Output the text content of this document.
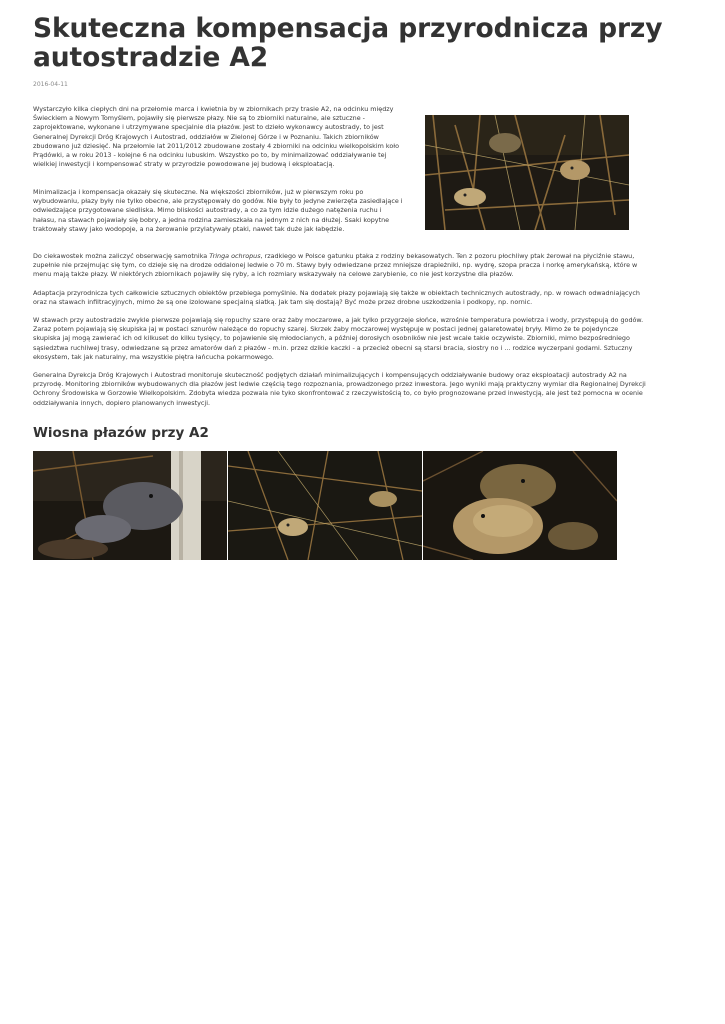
Skuteczna kompensacja przyrodnicza przy autostradzie A2
2016-04-11

Wystarczyło kilka ciepłych dni na przełomie marca i kwietnia by w zbiornikach przy trasie A2, na odcinku między Świeckiem a Nowym Tomyślem, pojawiły się pierwsze płazy. Nie są to zbiorniki naturalne, ale sztuczne - zaprojektowane, wykonane i utrzymywane specjalnie dla płazów. Jest to dzieło wykonawcy autostrady, to jest Generalnej Dyrekcji Dróg Krajowych i Autostrad, oddziałów w Zielonej Górze i w Poznaniu. Takich zbiorników zbudowano już dziesięć. Na przełomie lat 2011/2012 zbudowane zostały 4 zbiorniki na odcinku wielkopolskim koło Prądówki, a w roku 2013 - kolejne 6 na odcinku lubuskim. Wszystko po to, by minimalizować oddziaływanie tej wielkiej inwestycji i kompensować straty w przyrodzie powodowane jej budową i eksploatacją.

Minimalizacja i kompensacja okazały się skuteczne. Na większości zbiorników, już w pierwszym roku po wybudowaniu, płazy były nie tylko obecne, ale przystępowały do godów. Nie były to jedyne zwierzęta zasiedlające i odwiedzające przygotowane siedliska. Mimo bliskości autostrady, a co za tym idzie dużego natężenia ruchu i hałasu, na stawach pojawiały się bobry, a jedna rodzina zamieszkała na jednym z nich na dłużej. Ssaki kopytne traktowały stawy jako wodopoje, a na żerowanie przylatywały ptaki, nawet tak duże jak łabędzie.

Do ciekawostek można zaliczyć obserwację samotnika Tringa ochropus, rzadkiego w Polsce gatunku ptaka z rodziny bekasowatych. Ten z pozoru płochliwy ptak żerował na płyciźnie stawu, zupełnie nie przejmując się tym, co dzieje się na drodze oddalonej ledwie o 70 m. Stawy były odwiedzane przez mniejsze drapieżniki, np. wydrę, szopa pracza i norkę amerykańską, które w menu mają także płazy. W niektórych zbiornikach pojawiły się ryby, a ich rozmiary wskazywały na celowe zarybienie, co nie jest korzystne dla płazów.

Adaptacja przyrodnicza tych całkowicie sztucznych obiektów przebiega pomyślnie. Na dodatek płazy pojawiają się także w obiektach technicznych autostrady, np. w rowach odwadniających oraz na stawach infiltracyjnych, mimo że są one izolowane specjalną siatką. Jak tam się dostają? Być może przez drobne uszkodzenia i podkopy, np. nornic.

W stawach przy autostradzie zwykle pierwsze pojawiają się ropuchy szare oraz żaby moczarowe, a jak tylko przygrzeje słońce, wzrośnie temperatura powietrza i wody, przystępują do godów. Zaraz potem pojawiają się skupiska jaj w postaci sznurów należące do ropuchy szarej. Skrzek żaby moczarowej występuje w postaci jednej galaretowatej bryły. Mimo że te pojedyncze skupiska jaj mogą zawierać ich od kilkuset do kilku tysięcy, to pojawienie się młodocianych, a później dorosłych osobników nie jest wcale takie oczywiste. Zbiorniki, mimo bezpośredniego sąsiedztwa ruchliwej trasy, odwiedzane są przez amatorów dań z płazów - m.in. przez dzikie kaczki - a przecież obecni są starsi bracia, siostry no i ... rodzice wyczerpani godami. Sztuczny ekosystem, tak jak naturalny, ma wszystkie piętra łańcucha pokarmowego.

Generalna Dyrekcja Dróg Krajowych i Autostrad monitoruje skuteczność podjętych działań minimalizujących i kompensujących oddziaływanie budowy oraz eksploatacji autostrady A2 na przyrodę. Monitoring zbiorników wybudowanych dla płazów jest ledwie częścią tego rozpoznania, prowadzonego przez inwestora. Jego wyniki mają praktyczny wymiar dla Regionalnej Dyrekcji Ochrony Środowiska w Gorzowie Wielkopolskim. Zdobyta wiedza pozwala nie tyko skonfrontować z rzeczywistością to, co było prognozowane przed inwestycją, ale jest też pomocna w ocenie oddziaływania innych, dopiero planowanych inwestycji.

Wiosna płazów przy A2
